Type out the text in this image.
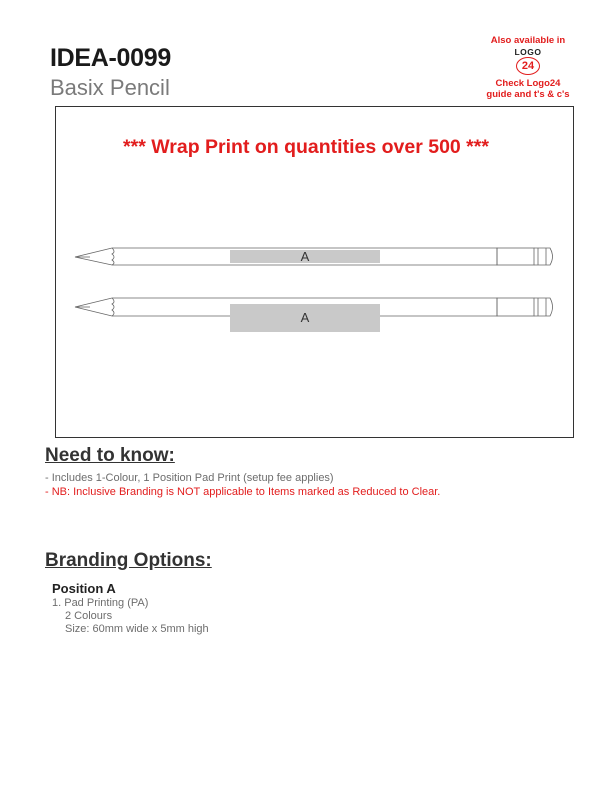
IDEA-0099
Basix Pencil
Also available in
LOGO
24
Check Logo24
guide and t's & c's
*** Wrap Print on quantities over 500 ***
A
A
Need to know:
- Includes 1-Colour, 1 Position Pad Print (setup fee applies)
- NB: Inclusive Branding is NOT applicable to Items marked as Reduced to Clear.
Branding Options:
Position A
1. Pad Printing (PA)
2 Colours
Size: 60mm wide x 5mm high
